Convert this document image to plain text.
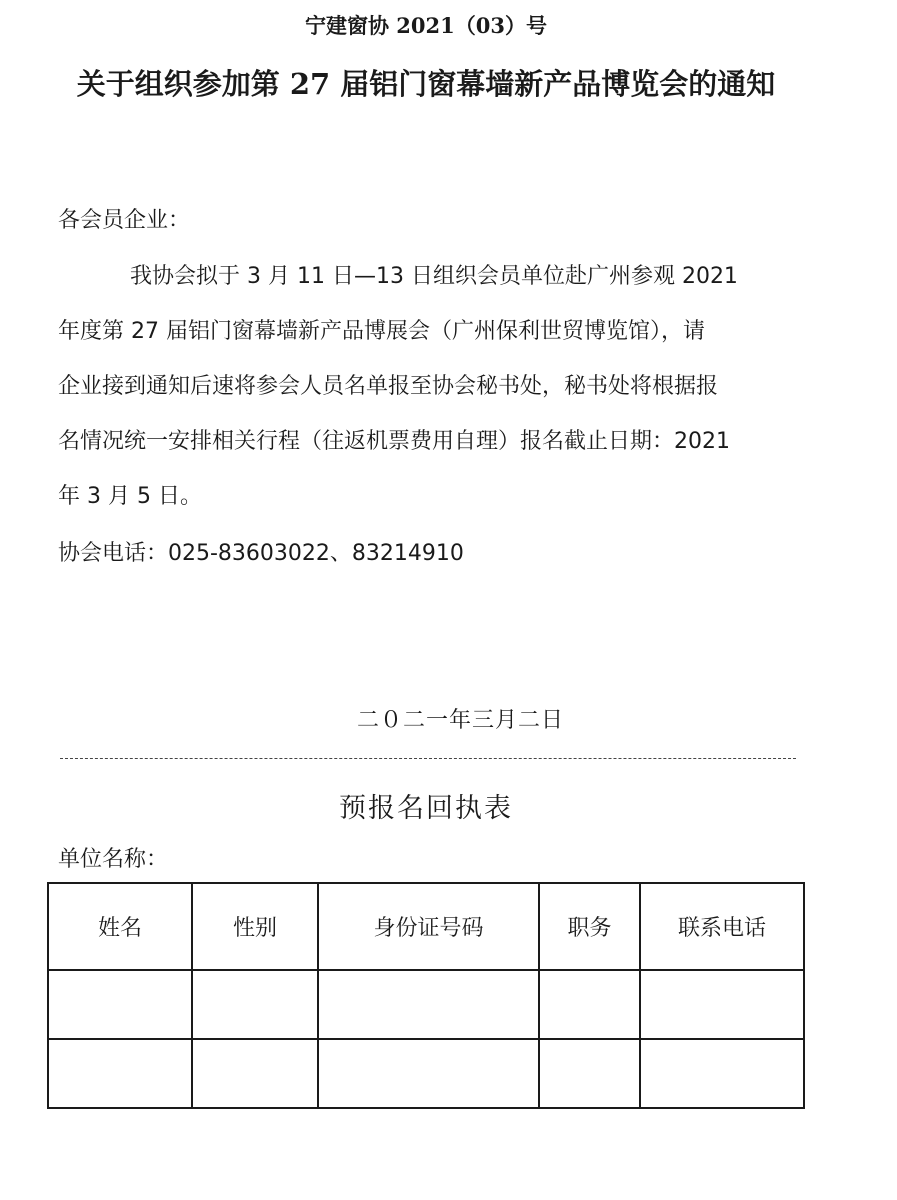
宁建窗协 2021（03）号
关于组织参加第 27 届铝门窗幕墙新产品博览会的通知
各会员企业：
我协会拟于 3 月 11 日—13 日组织会员单位赴广州参观 2021
年度第 27 届铝门窗幕墙新产品博展会（广州保利世贸博览馆），请
企业接到通知后速将参会人员名单报至协会秘书处，秘书处将根据报
名情况统一安排相关行程（往返机票费用自理）报名截止日期：2021
年 3 月 5 日。
协会电话：025-83603022、83214910
二０二一年三月二日
预报名回执表
单位名称：
姓名	性别	身份证号码	职务	联系电话
